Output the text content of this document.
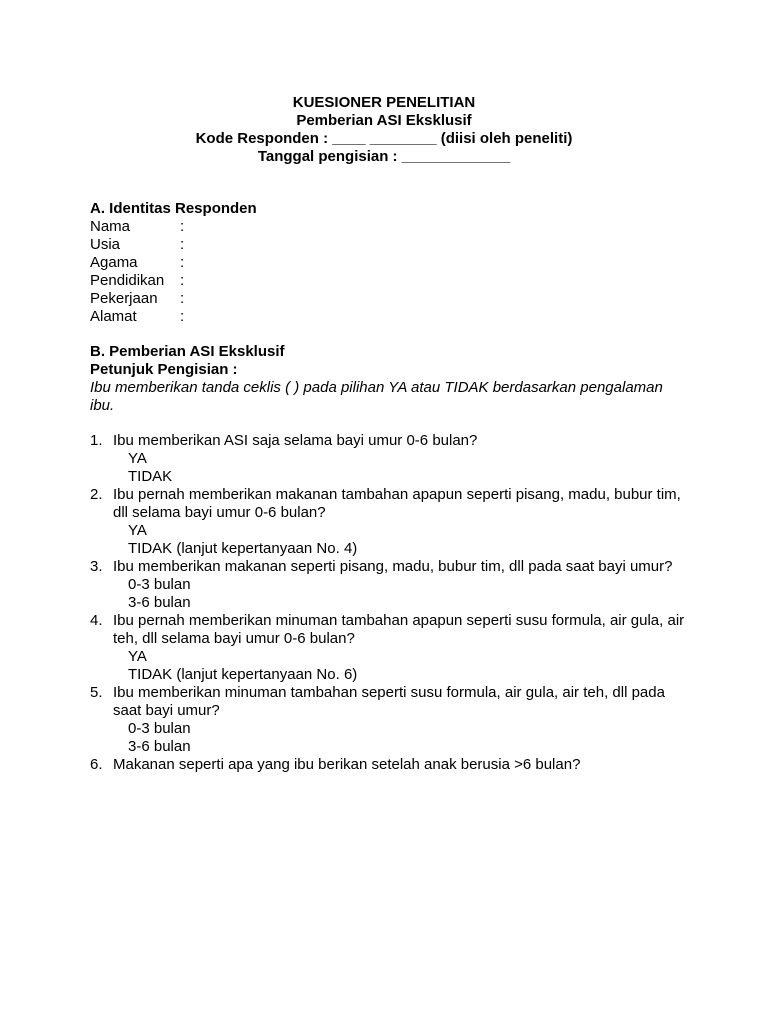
KUESIONER PENELITIAN
Pemberian ASI Eksklusif
Kode Responden : ____ ________ (diisi oleh peneliti)
Tanggal pengisian : _____________
A. Identitas Responden
Nama	:
Usia	:
Agama	:
Pendidikan	:
Pekerjaan	:
Alamat	:
B. Pemberian ASI Eksklusif
Petunjuk Pengisian :
Ibu memberikan tanda ceklis ( ) pada pilihan YA atau TIDAK berdasarkan pengalaman ibu.
1. Ibu memberikan ASI saja selama bayi umur 0-6 bulan?
YA
TIDAK
2. Ibu pernah memberikan makanan tambahan apapun seperti pisang, madu, bubur tim, dll selama bayi umur 0-6 bulan?
YA
TIDAK (lanjut kepertanyaan No. 4)
3. Ibu memberikan makanan seperti pisang, madu, bubur tim, dll pada saat bayi umur?
0-3 bulan
3-6 bulan
4. Ibu pernah memberikan minuman tambahan apapun seperti susu formula, air gula, air teh, dll selama bayi umur 0-6 bulan?
YA
TIDAK (lanjut kepertanyaan No. 6)
5. Ibu memberikan minuman tambahan seperti susu formula, air gula, air teh, dll pada saat bayi umur?
0-3 bulan
3-6 bulan
6. Makanan seperti apa yang ibu berikan setelah anak berusia >6 bulan?
